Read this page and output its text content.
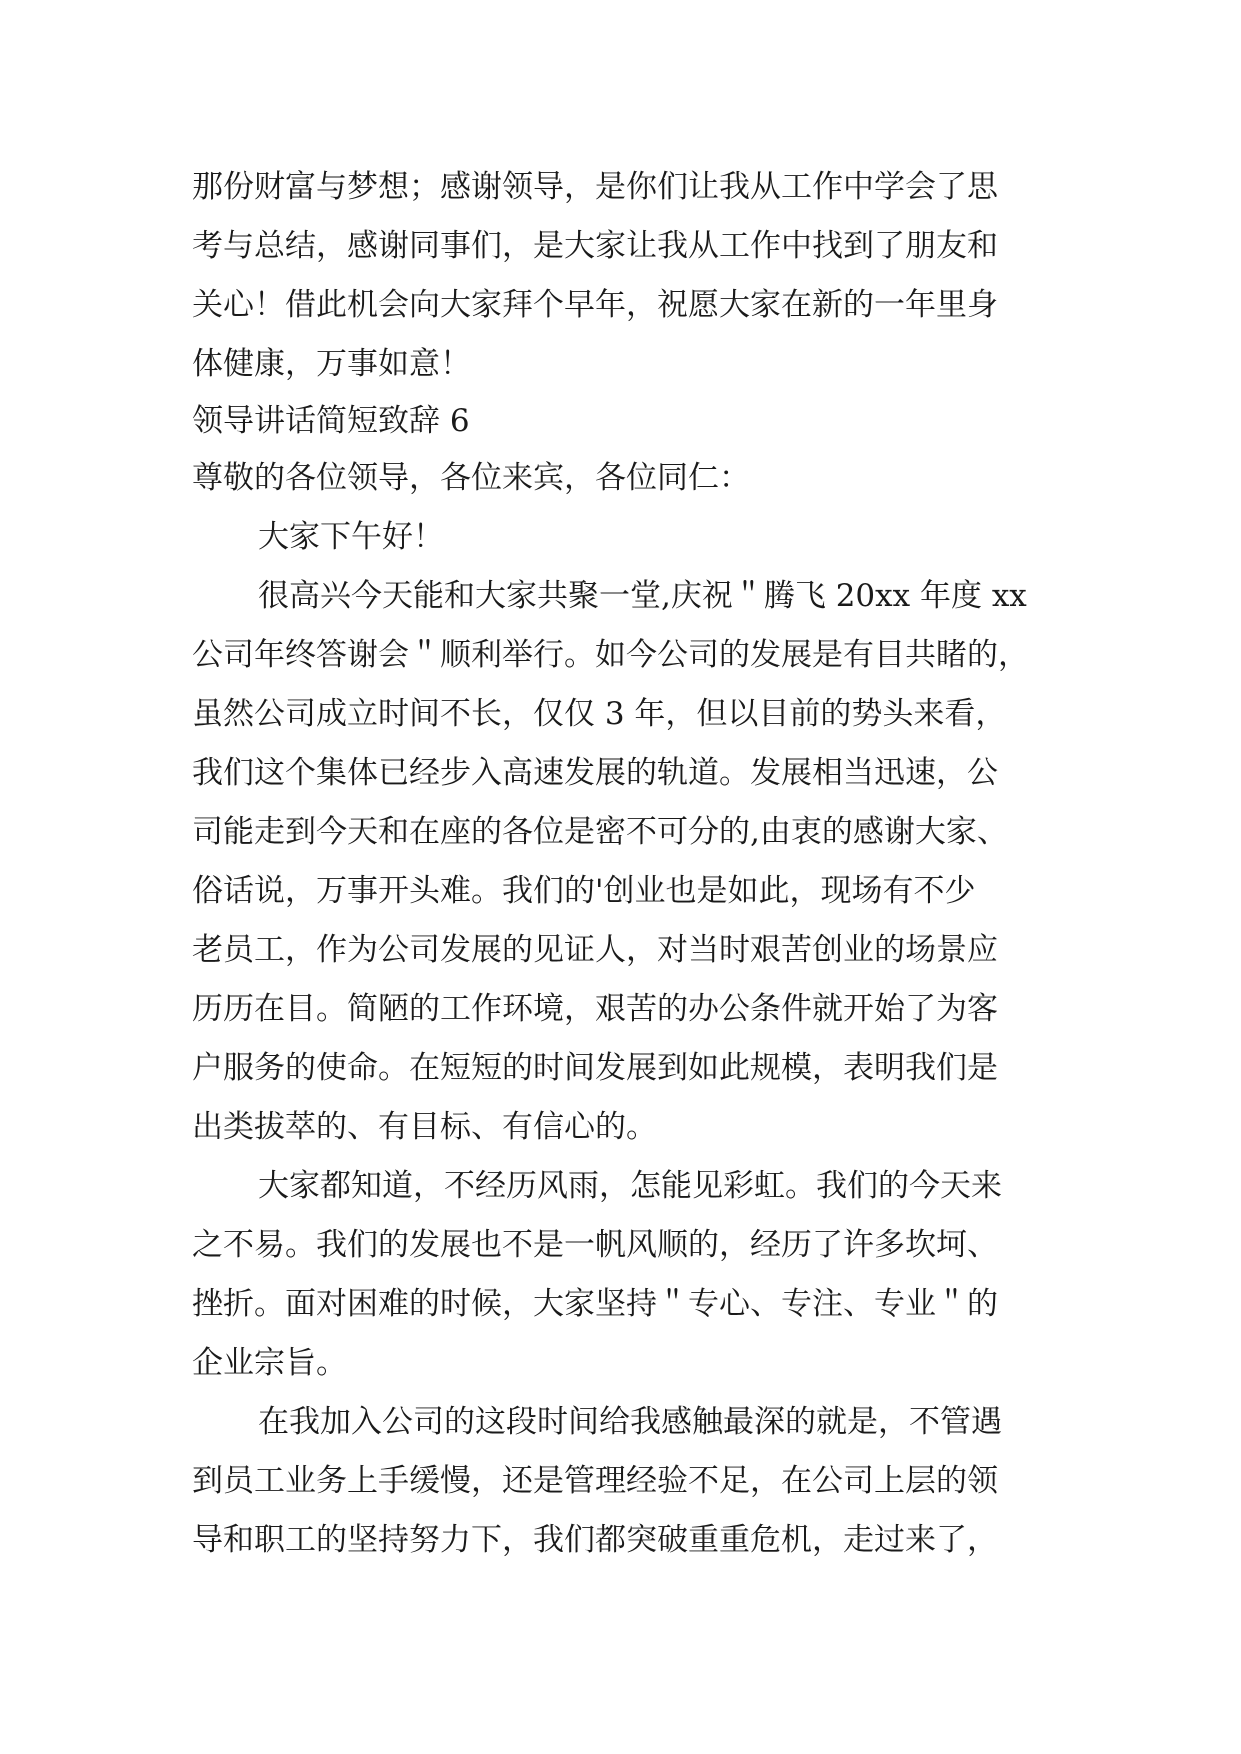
那份财富与梦想；感谢领导，是你们让我从工作中学会了思
考与总结，感谢同事们，是大家让我从工作中找到了朋友和
关心！借此机会向大家拜个早年，祝愿大家在新的一年里身
体健康，万事如意！
领导讲话简短致辞 6
尊敬的各位领导，各位来宾，各位同仁：
大家下午好！
很高兴今天能和大家共聚一堂,庆祝＂腾飞 20xx 年度 xx
公司年终答谢会＂顺利举行。如今公司的发展是有目共睹的，
虽然公司成立时间不长，仅仅 3 年，但以目前的势头来看，
我们这个集体已经步入高速发展的轨道。发展相当迅速，公
司能走到今天和在座的各位是密不可分的,由衷的感谢大家、
俗话说，万事开头难。我们的'创业也是如此，现场有不少
老员工，作为公司发展的见证人，对当时艰苦创业的场景应
历历在目。简陋的工作环境，艰苦的办公条件就开始了为客
户服务的使命。在短短的时间发展到如此规模，表明我们是
出类拔萃的、有目标、有信心的。
大家都知道，不经历风雨，怎能见彩虹。我们的今天来
之不易。我们的发展也不是一帆风顺的，经历了许多坎坷、
挫折。面对困难的时候，大家坚持＂专心、专注、专业＂的
企业宗旨。
在我加入公司的这段时间给我感触最深的就是，不管遇
到员工业务上手缓慢，还是管理经验不足，在公司上层的领
导和职工的坚持努力下，我们都突破重重危机，走过来了，
